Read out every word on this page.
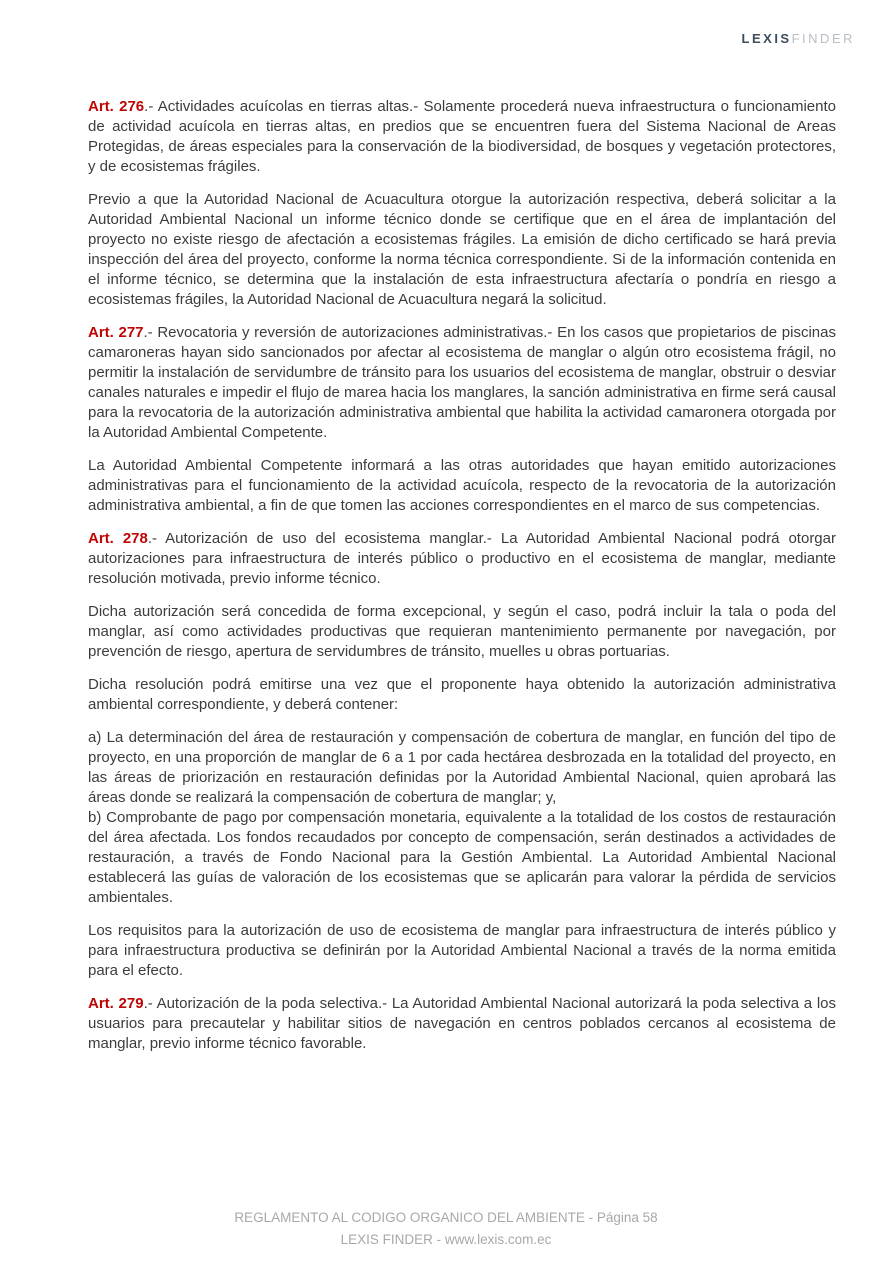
LEXISFINDER

Art. 276.- Actividades acuícolas en tierras altas.- Solamente procederá nueva infraestructura o funcionamiento de actividad acuícola en tierras altas, en predios que se encuentren fuera del Sistema Nacional de Areas Protegidas, de áreas especiales para la conservación de la biodiversidad, de bosques y vegetación protectores, y de ecosistemas frágiles.

Previo a que la Autoridad Nacional de Acuacultura otorgue la autorización respectiva, deberá solicitar a la Autoridad Ambiental Nacional un informe técnico donde se certifique que en el área de implantación del proyecto no existe riesgo de afectación a ecosistemas frágiles. La emisión de dicho certificado se hará previa inspección del área del proyecto, conforme la norma técnica correspondiente. Si de la información contenida en el informe técnico, se determina que la instalación de esta infraestructura afectaría o pondría en riesgo a ecosistemas frágiles, la Autoridad Nacional de Acuacultura negará la solicitud.

Art. 277.- Revocatoria y reversión de autorizaciones administrativas.- En los casos que propietarios de piscinas camaroneras hayan sido sancionados por afectar al ecosistema de manglar o algún otro ecosistema frágil, no permitir la instalación de servidumbre de tránsito para los usuarios del ecosistema de manglar, obstruir o desviar canales naturales e impedir el flujo de marea hacia los manglares, la sanción administrativa en firme será causal para la revocatoria de la autorización administrativa ambiental que habilita la actividad camaronera otorgada por la Autoridad Ambiental Competente.

La Autoridad Ambiental Competente informará a las otras autoridades que hayan emitido autorizaciones administrativas para el funcionamiento de la actividad acuícola, respecto de la revocatoria de la autorización administrativa ambiental, a fin de que tomen las acciones correspondientes en el marco de sus competencias.

Art. 278.- Autorización de uso del ecosistema manglar.- La Autoridad Ambiental Nacional podrá otorgar autorizaciones para infraestructura de interés público o productivo en el ecosistema de manglar, mediante resolución motivada, previo informe técnico.

Dicha autorización será concedida de forma excepcional, y según el caso, podrá incluir la tala o poda del manglar, así como actividades productivas que requieran mantenimiento permanente por navegación, por prevención de riesgo, apertura de servidumbres de tránsito, muelles u obras portuarias.

Dicha resolución podrá emitirse una vez que el proponente haya obtenido la autorización administrativa ambiental correspondiente, y deberá contener:

a) La determinación del área de restauración y compensación de cobertura de manglar, en función del tipo de proyecto, en una proporción de manglar de 6 a 1 por cada hectárea desbrozada en la totalidad del proyecto, en las áreas de priorización en restauración definidas por la Autoridad Ambiental Nacional, quien aprobará las áreas donde se realizará la compensación de cobertura de manglar; y,

b) Comprobante de pago por compensación monetaria, equivalente a la totalidad de los costos de restauración del área afectada. Los fondos recaudados por concepto de compensación, serán destinados a actividades de restauración, a través de Fondo Nacional para la Gestión Ambiental. La Autoridad Ambiental Nacional establecerá las guías de valoración de los ecosistemas que se aplicarán para valorar la pérdida de servicios ambientales.

Los requisitos para la autorización de uso de ecosistema de manglar para infraestructura de interés público y para infraestructura productiva se definirán por la Autoridad Ambiental Nacional a través de la norma emitida para el efecto.

Art. 279.- Autorización de la poda selectiva.- La Autoridad Ambiental Nacional autorizará la poda selectiva a los usuarios para precautelar y habilitar sitios de navegación en centros poblados cercanos al ecosistema de manglar, previo informe técnico favorable.

REGLAMENTO AL CODIGO ORGANICO DEL AMBIENTE - Página 58
LEXIS FINDER - www.lexis.com.ec
